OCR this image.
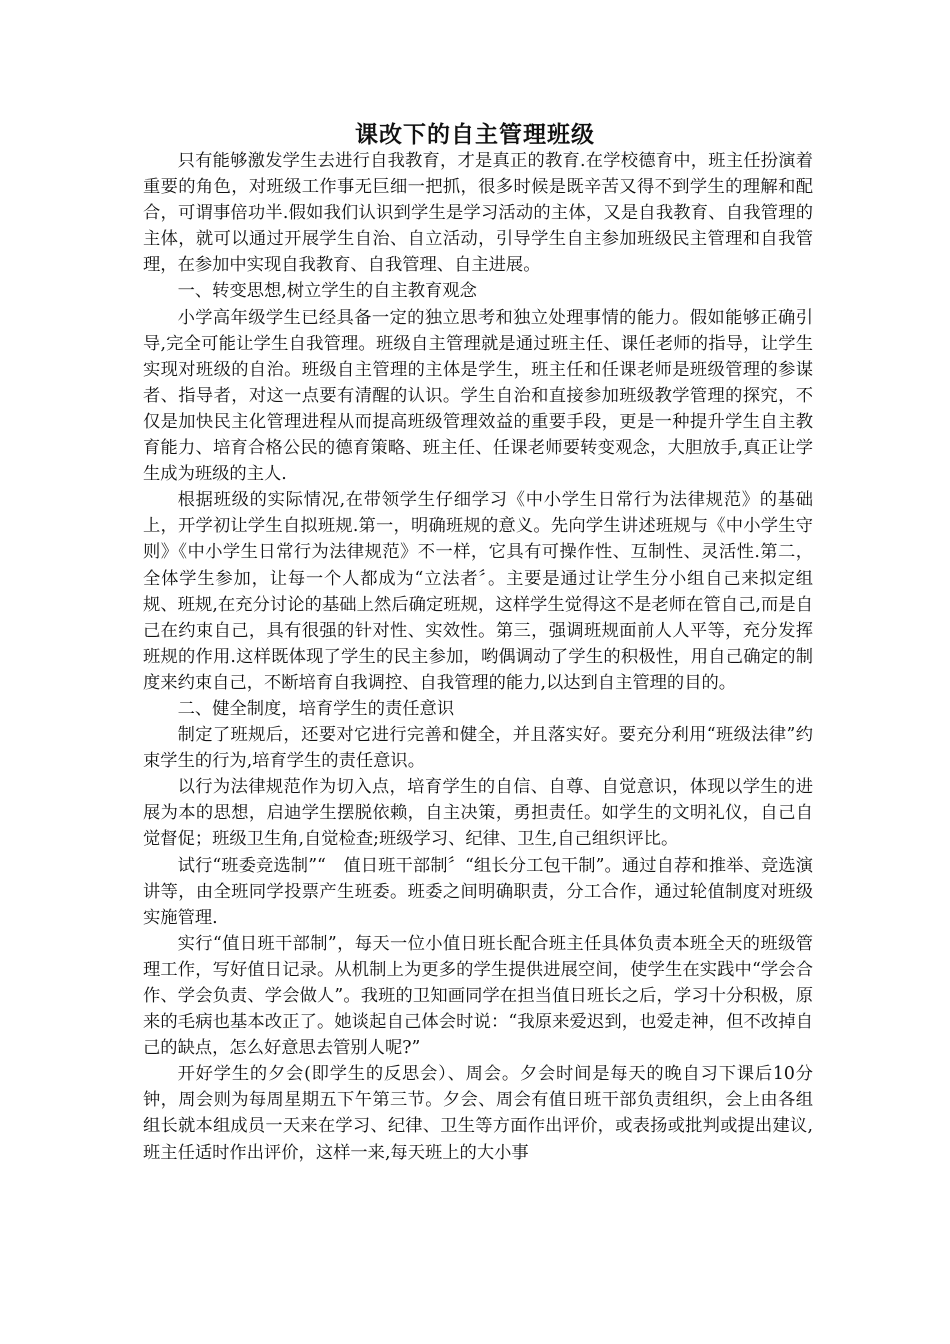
课改下的自主管理班级

只有能够激发学生去进行自我教育，才是真正的教育.在学校德育中，班主任扮演着重要的角色，对班级工作事无巨细一把抓，很多时候是既辛苦又得不到学生的理解和配合，可谓事倍功半.假如我们认识到学生是学习活动的主体，又是自我教育、自我管理的主体，就可以通过开展学生自治、自立活动，引导学生自主参加班级民主管理和自我管理，在参加中实现自我教育、自我管理、自主进展。

一、转变思想,树立学生的自主教育观念

小学高年级学生已经具备一定的独立思考和独立处理事情的能力。假如能够正确引导,完全可能让学生自我管理。班级自主管理就是通过班主任、课任老师的指导，让学生实现对班级的自治。班级自主管理的主体是学生，班主任和任课老师是班级管理的参谋者、指导者，对这一点要有清醒的认识。学生自治和直接参加班级教学管理的探究，不仅是加快民主化管理进程从而提高班级管理效益的重要手段，更是一种提升学生自主教育能力、培育合格公民的德育策略、班主任、任课老师要转变观念，大胆放手,真正让学生成为班级的主人.

根据班级的实际情况,在带领学生仔细学习《中小学生日常行为法律规范》的基础上，开学初让学生自拟班规.第一，明确班规的意义。先向学生讲述班规与《中小学生守则》《中小学生日常行为法律规范》不一样，它具有可操作性、互制性、灵活性.第二，全体学生参加，让每一个人都成为“立法者〞。主要是通过让学生分小组自己来拟定组规、班规,在充分讨论的基础上然后确定班规，这样学生觉得这不是老师在管自己,而是自己在约束自己，具有很强的针对性、实效性。第三，强调班规面前人人平等，充分发挥班规的作用.这样既体现了学生的民主参加，哟偶调动了学生的积极性，用自己确定的制度来约束自己，不断培育自我调控、自我管理的能力,以达到自主管理的目的。

二、健全制度，培育学生的责任意识

制定了班规后，还要对它进行完善和健全，并且落实好。要充分利用“班级法律”约束学生的行为,培育学生的责任意识。

以行为法律规范作为切入点，培育学生的自信、自尊、自觉意识，体现以学生的进展为本的思想，启迪学生摆脱依赖，自主决策，勇担责任。如学生的文明礼仪，自己自觉督促；班级卫生角,自觉检查;班级学习、纪律、卫生,自己组织评比。

试行“班委竞选制”“　值日班干部制〞“组长分工包干制”。通过自荐和推举、竞选演讲等，由全班同学投票产生班委。班委之间明确职责，分工合作，通过轮值制度对班级实施管理.

实行“值日班干部制”，每天一位小值日班长配合班主任具体负责本班全天的班级管理工作，写好值日记录。从机制上为更多的学生提供进展空间，使学生在实践中“学会合作、学会负责、学会做人”。我班的卫知画同学在担当值日班长之后，学习十分积极，原来的毛病也基本改正了。她谈起自己体会时说：“我原来爱迟到，也爱走神，但不改掉自己的缺点，怎么好意思去管别人呢?”

开好学生的夕会(即学生的反思会）、周会。夕会时间是每天的晚自习下课后10分钟，周会则为每周星期五下午第三节。夕会、周会有值日班干部负责组织，会上由各组组长就本组成员一天来在学习、纪律、卫生等方面作出评价，或表扬或批判或提出建议,班主任适时作出评价，这样一来,每天班上的大小事
